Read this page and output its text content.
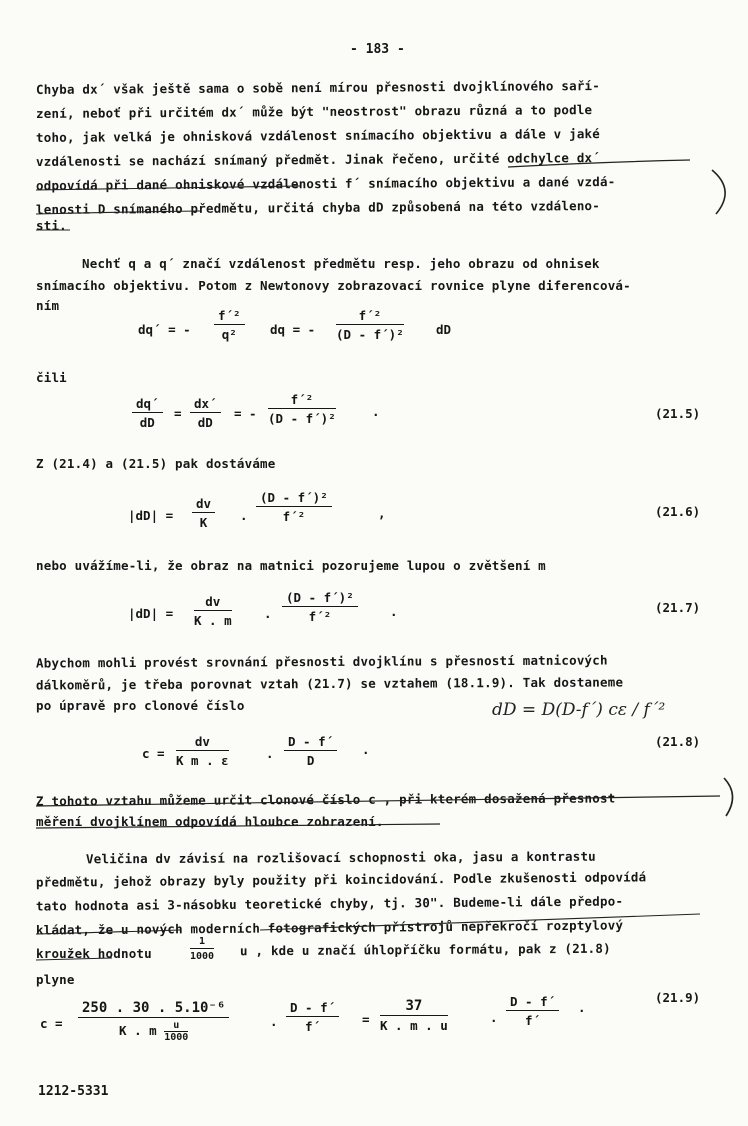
- 183 -
Chyba dx´ však ještě sama o sobě není mírou přesnosti dvojklínového saří-
zení, neboť při určitém dx´ může být "neostrost" obrazu různá a to podle
toho, jak velká je ohnisková vzdálenost snímacího objektivu a dále v jaké
vzdálenosti se nachází snímaný předmět. Jinak řečeno, určité odchylce dx´
odpovídá při dané ohniskové vzdálenosti f´ snímacího objektivu a dané vzdá-
lenosti D snímaného předmětu, určitá chyba dD způsobená na této vzdáleno-
sti.
Nechť q a q´ značí vzdálenost předmětu resp. jeho obrazu od ohnisek
snímacího objektivu. Potom z Newtonovy zobrazovací rovnice plyne diferencová-
ním
dq´ = - $\frac{\text{f´²}}{\text{q²}}$ dq = - $\frac{\text{f´²}}{\text{(D - f´)²}}$	dD
čili
$\frac{dq´}{dD} = \frac{dx´}{dD}$ = - $\frac{\text{f´²}}{\text{(D - f´)²}}$	.	(21.5)
Z (21.4) a (21.5) pak dostáváme
$|dD| = \frac{dv}{K}$ . $\frac{\text{(D - f´)²}}{\text{f´²}}$	,	(21.6)
nebo uvážíme-li, že obraz na matnici pozorujeme lupou o zvětšení m
$|dD| = \frac{dv}{K . m}$	. $\frac{\text{(D - f´)²}}{\text{f´²}}$	.	(21.7)
Abychom mohli provést srovnání přesnosti dvojklínu s přesností matnicových
dálkoměrů, je třeba porovnat vztah (21.7) se vztahem (18.1.9). Tak dostaneme
po úpravě pro clonové číslo	dD = D(D-f´) cε / f´²
$c = \frac{dv}{\text{K m . ε}}$	. $\frac{D - f´}{D}$ .
(21.8)
Z tohoto vztahu můžeme určit clonové číslo c , při kterém dosažená přesnost
měření dvojklínem odpovídá hloubce zobrazení.
Veličina dv závisí na rozlišovací schopnosti oka, jasu a kontrastu
předmětu, jehož obrazy byly použity při koincidování. Podle zkušenosti odpovídá
tato hodnota asi 3-násobku teoretické chyby, tj. 30". Budeme-li dále předpo-
kládat, že u nových moderních fotografických přístrojů nepřekročí rozptylový
kroužek hodnotu	$\frac{1}{1000}$ u , kde u značí úhlopříčku formátu, pak z (21.8)
plyne
$c = \frac{\text{250 . 30 . 5.10⁻⁶}}{K . m \frac{u}{1000}}$	. $\frac{D - f´}{f´} = \frac{37}{K . m . u}$	. $\frac{D - f´}{f´}$ .
(21.9)
1212-5331
